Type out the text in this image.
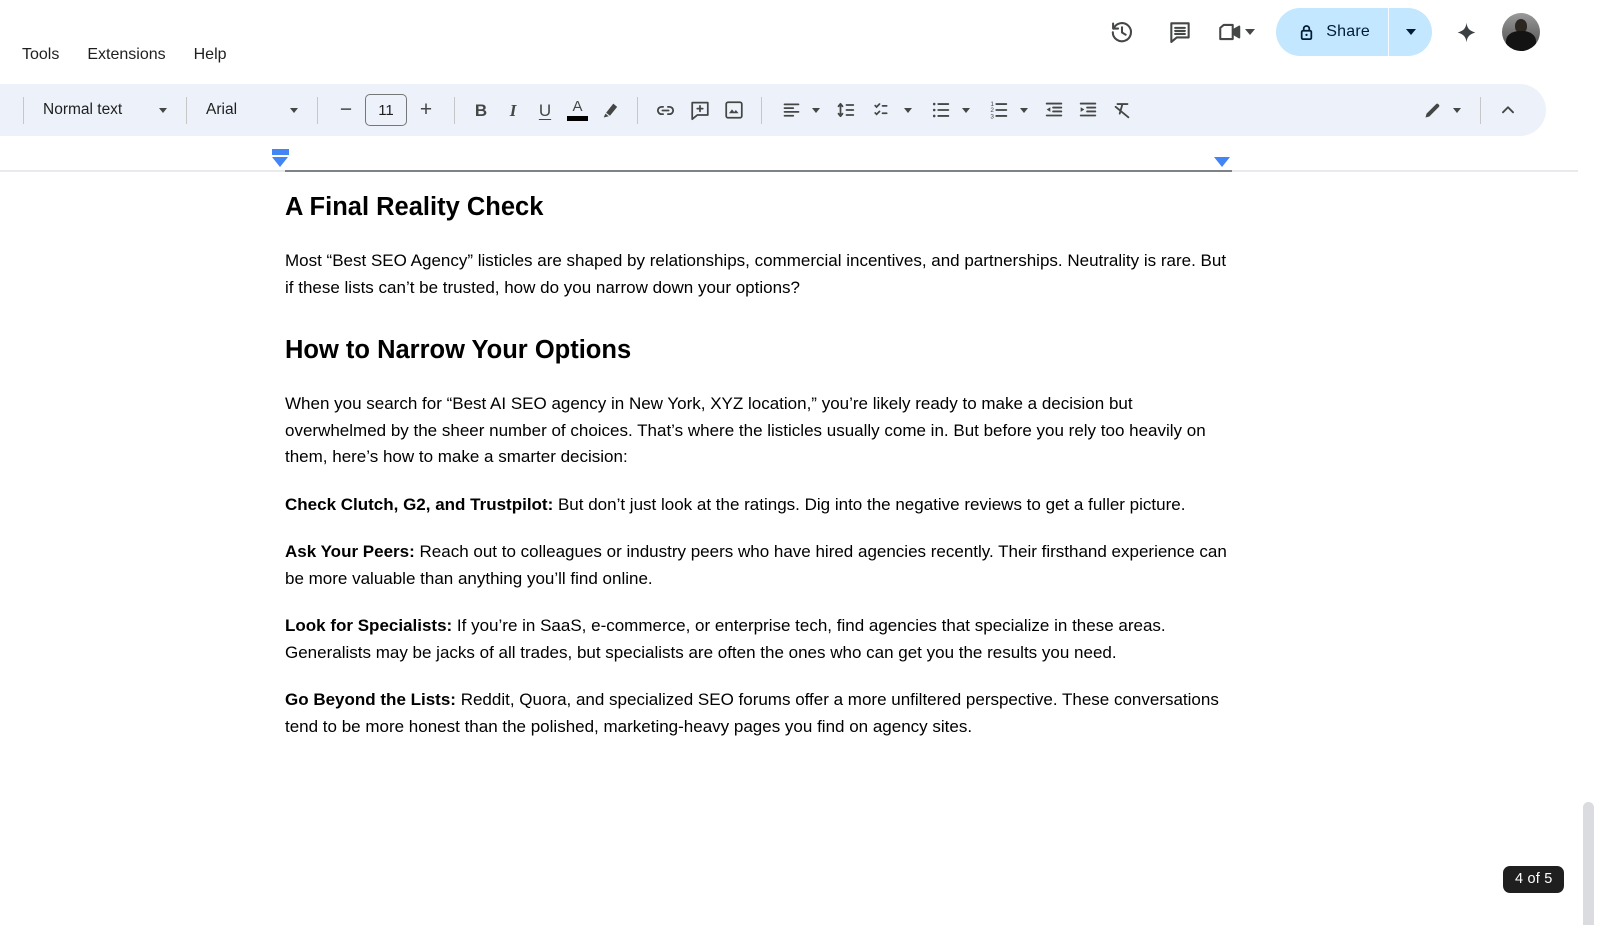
Tools Extensions Help
Share
Normal text	Arial	−	11	+	B I U A	1
2
3
A Final Reality Check

Most “Best SEO Agency” listicles are shaped by relationships, commercial incentives, and partnerships. Neutrality is rare. But if these lists can’t be trusted, how do you narrow down your options?

How to Narrow Your Options

When you search for “Best AI SEO agency in New York, XYZ location,” you’re likely ready to make a decision but overwhelmed by the sheer number of choices. That’s where the listicles usually come in. But before you rely too heavily on them, here’s how to make a smarter decision:

Check Clutch, G2, and Trustpilot: But don’t just look at the ratings. Dig into the negative reviews to get a fuller picture.

Ask Your Peers: Reach out to colleagues or industry peers who have hired agencies recently. Their firsthand experience can be more valuable than anything you’ll find online.

Look for Specialists: If you’re in SaaS, e-commerce, or enterprise tech, find agencies that specialize in these areas. Generalists may be jacks of all trades, but specialists are often the ones who can get you the results you need.

Go Beyond the Lists: Reddit, Quora, and specialized SEO forums offer a more unfiltered perspective. These conversations tend to be more honest than the polished, marketing-heavy pages you find on agency sites.

4 of 5
